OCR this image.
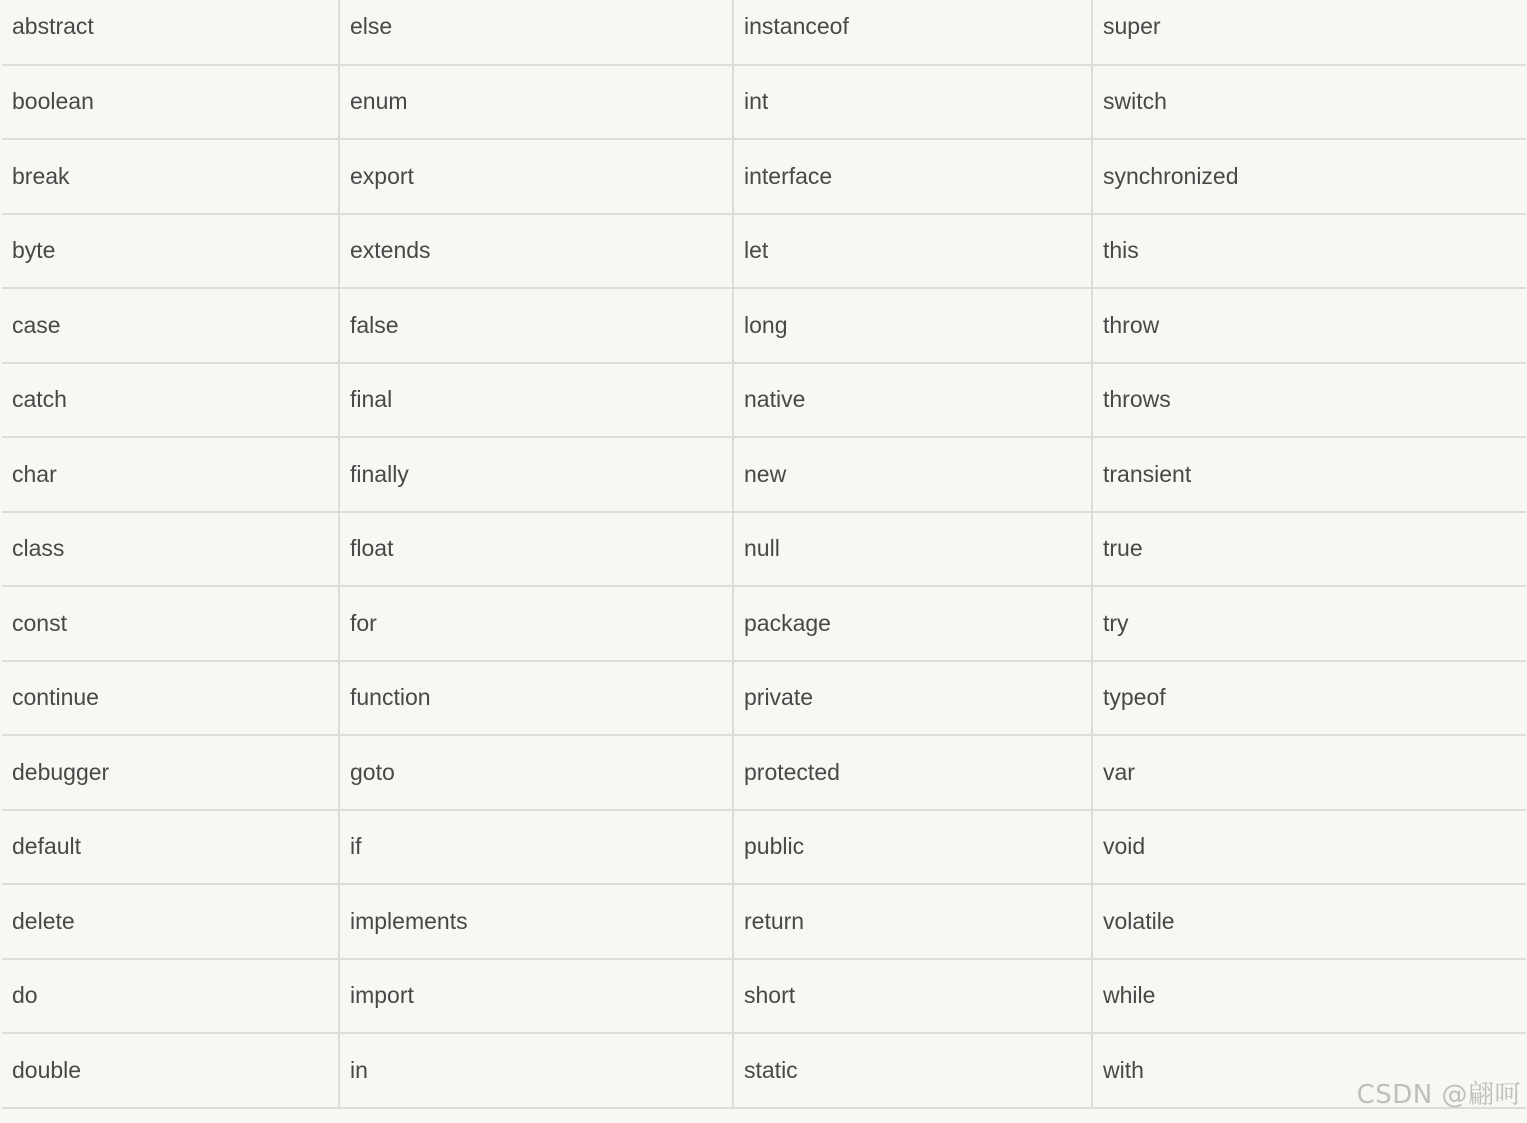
abstract	else	instanceof	super
boolean	enum	int	switch
break	export	interface	synchronized
byte	extends	let	this
case	false	long	throw
catch	final	native	throws
char	finally	new	transient
class	float	null	true
const	for	package	try
continue	function	private	typeof
debugger	goto	protected	var
default	if	public	void
delete	implements	return	volatile
do	import	short	while
double	in	static	with
CSDN @翩呵
